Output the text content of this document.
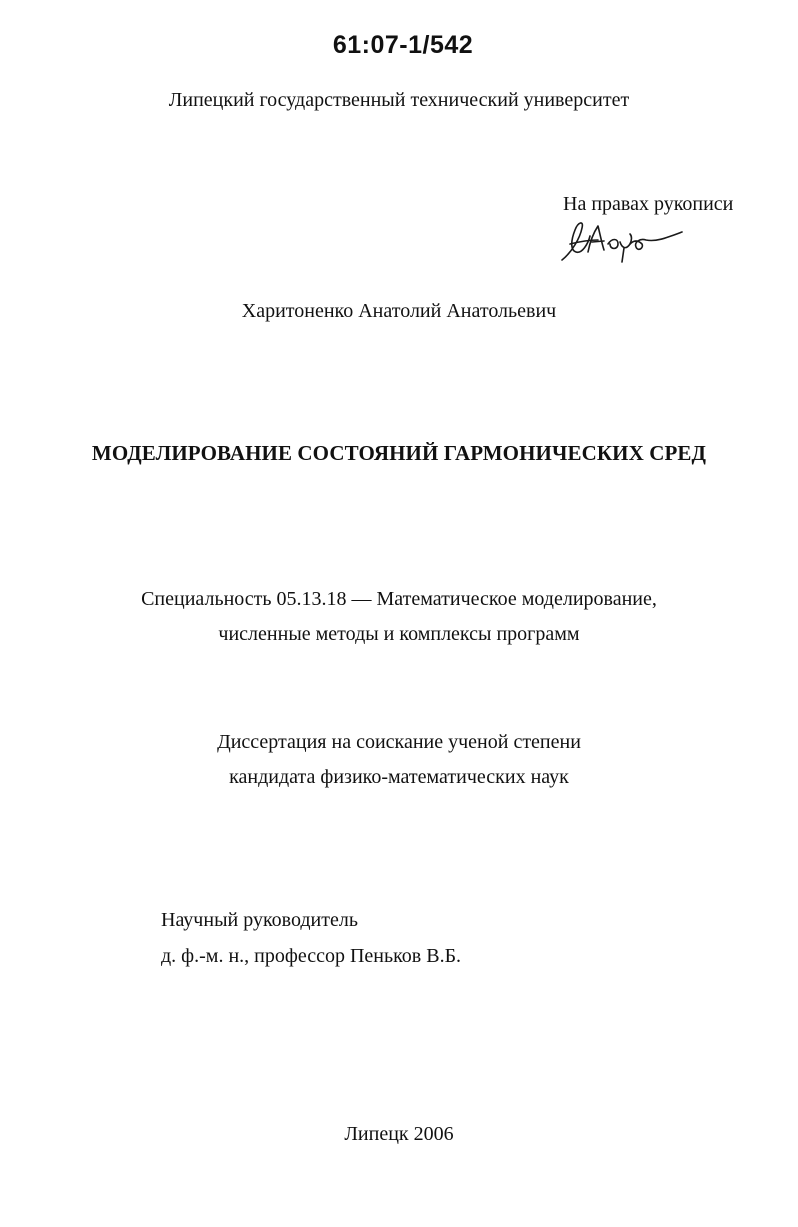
61:07-1/542
Липецкий государственный технический университет
На правах рукописи
Харитоненко Анатолий Анатольевич
МОДЕЛИРОВАНИЕ СОСТОЯНИЙ ГАРМОНИЧЕСКИХ СРЕД
Специальность 05.13.18 — Математическое моделирование,
численные методы и комплексы программ
Диссертация на соискание ученой степени
кандидата физико-математических наук
Научный руководитель
д. ф.-м. н., профессор Пеньков В.Б.
Липецк 2006
